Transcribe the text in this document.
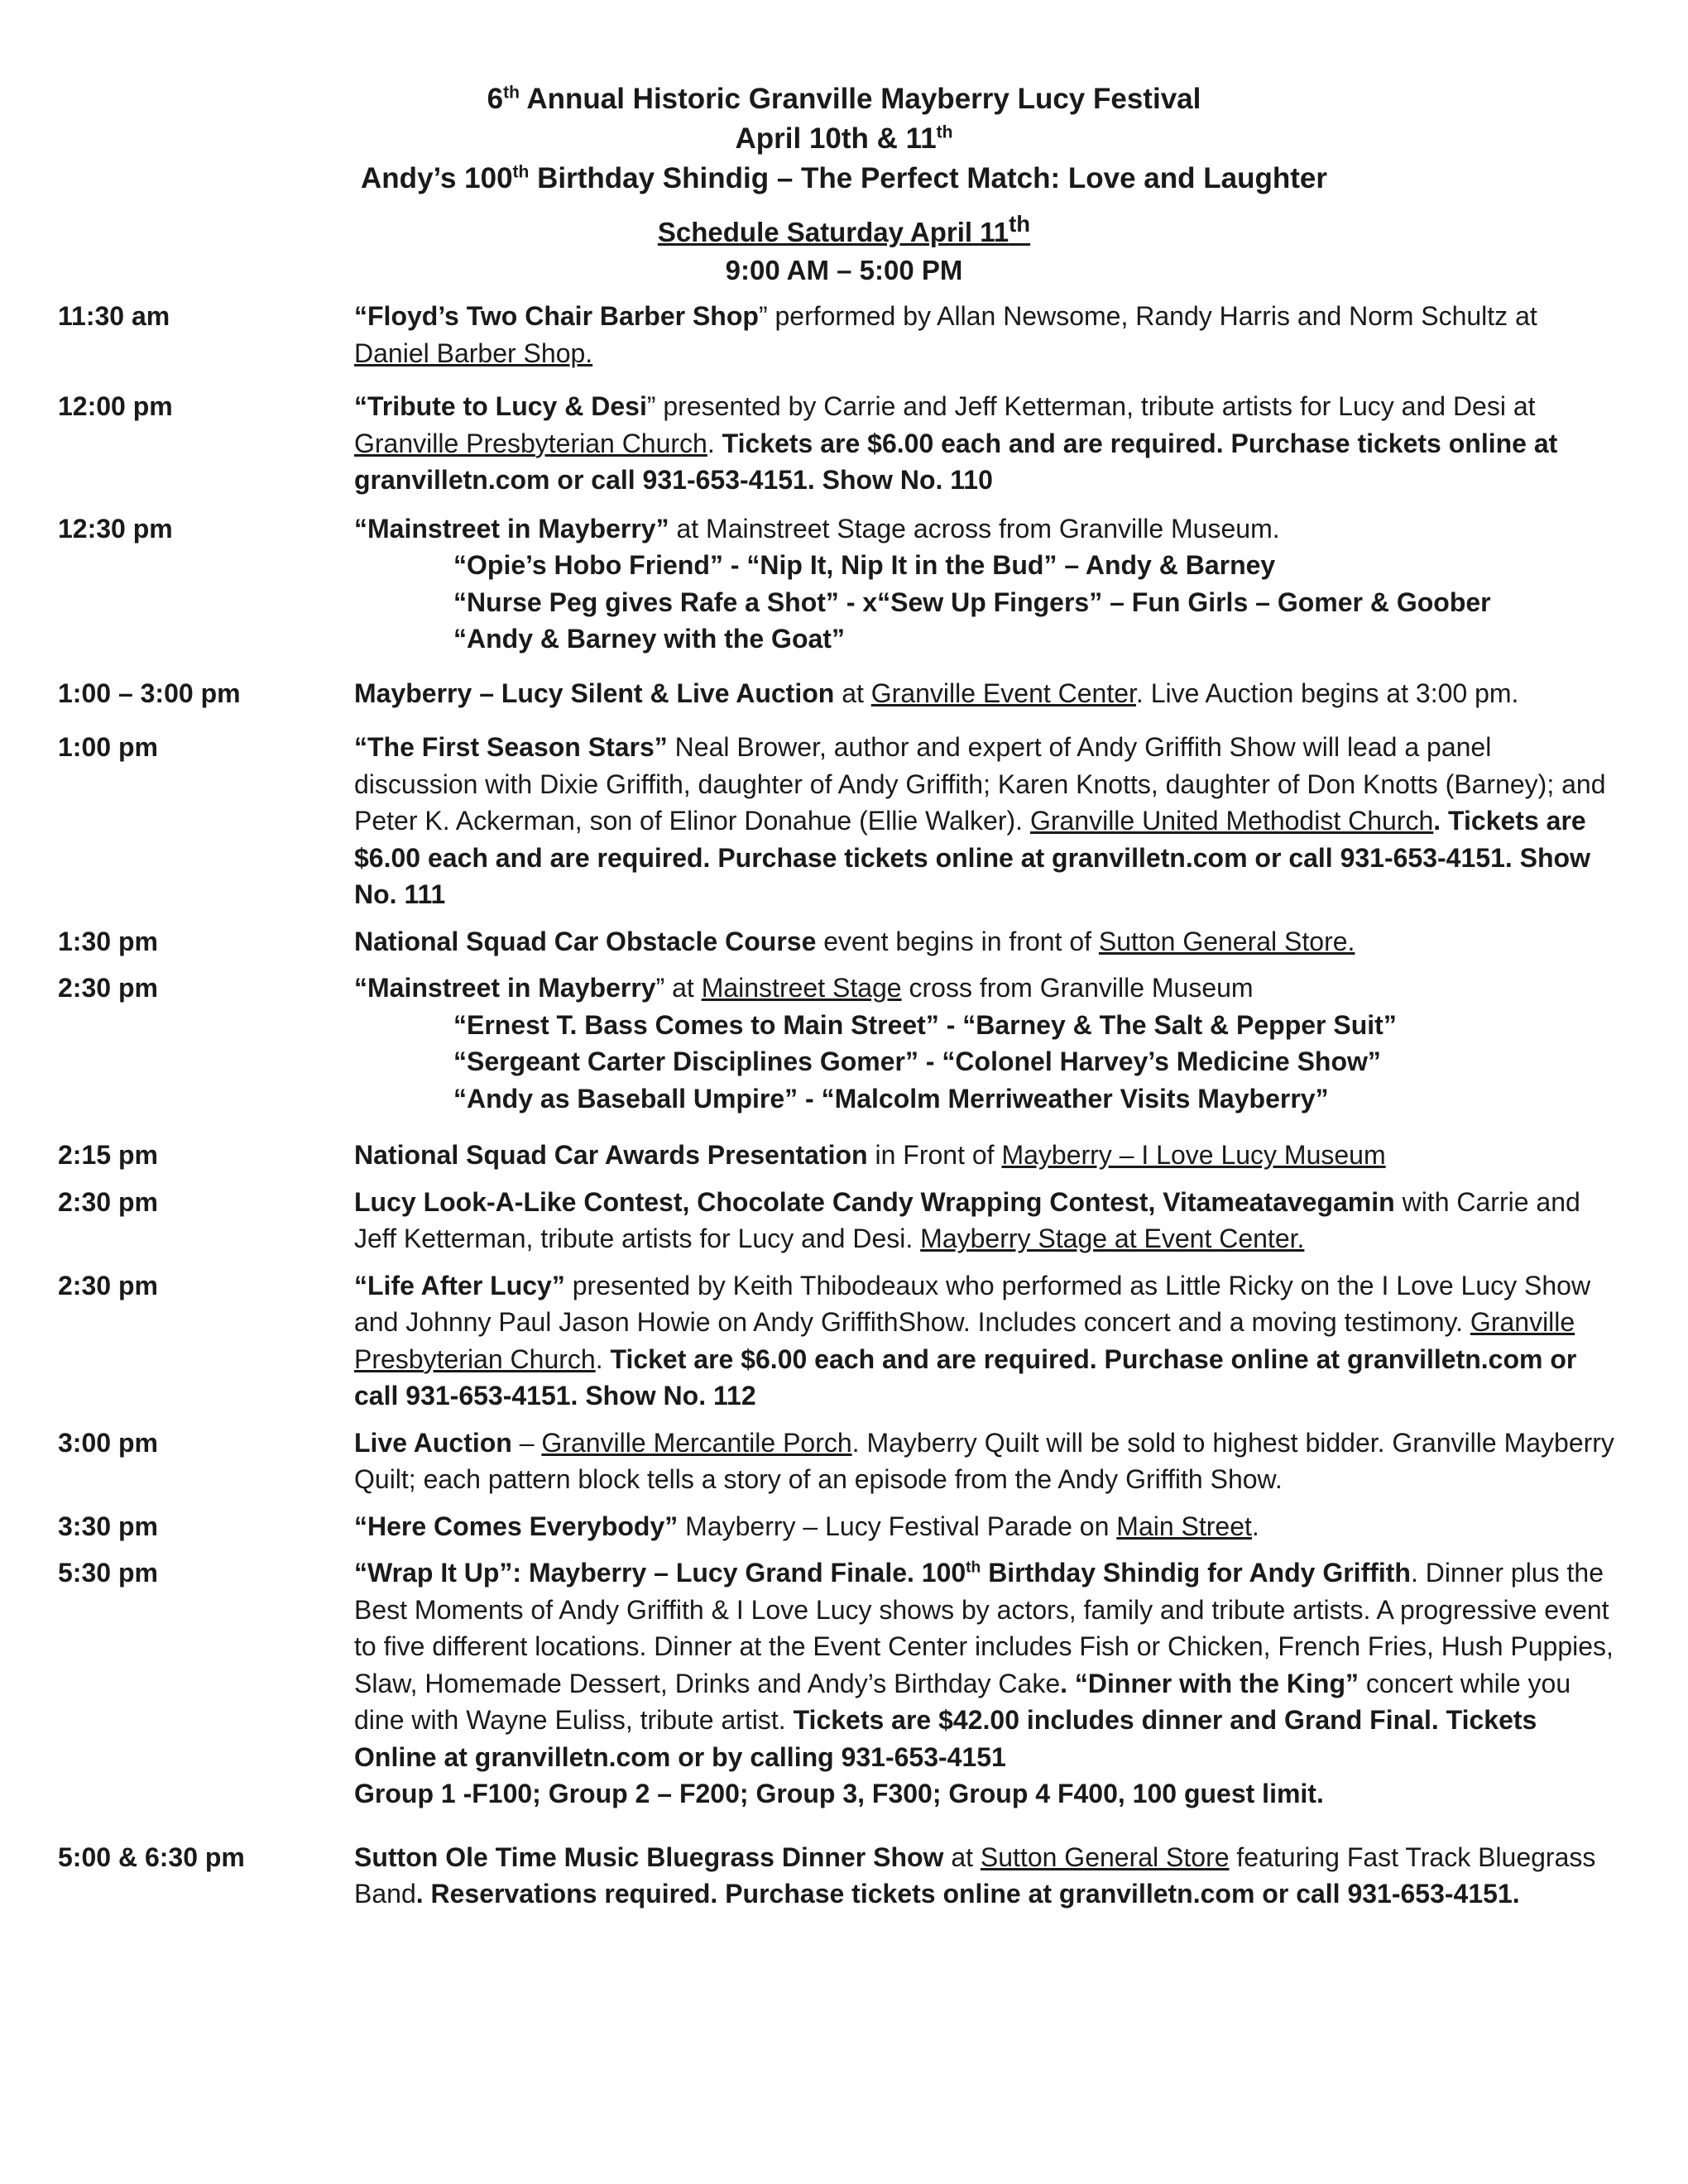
6th Annual Historic Granville Mayberry Lucy Festival
April 10th & 11th
Andy’s 100th Birthday Shindig – The Perfect Match: Love and Laughter
Schedule Saturday April 11th
9:00 AM – 5:00 PM
11:30 am	“Floyd’s Two Chair Barber Shop” performed by Allan Newsome, Randy Harris and Norm Schultz at Daniel Barber Shop.
12:00 pm	“Tribute to Lucy & Desi” presented by Carrie and Jeff Ketterman, tribute artists for Lucy and Desi at Granville Presbyterian Church. Tickets are $6.00 each and are required. Purchase tickets online at granvilletn.com or call 931-653-4151. Show No. 110
12:30 pm	“Mainstreet in Mayberry” at Mainstreet Stage across from Granville Museum.
“Opie’s Hobo Friend” - “Nip It, Nip It in the Bud” – Andy & Barney
“Nurse Peg gives Rafe a Shot” - x“Sew Up Fingers” – Fun Girls – Gomer & Goober
“Andy & Barney with the Goat”
1:00 – 3:00 pm	Mayberry – Lucy Silent & Live Auction at Granville Event Center. Live Auction begins at 3:00 pm.
1:00 pm	“The First Season Stars” Neal Brower, author and expert of Andy Griffith Show will lead a panel discussion with Dixie Griffith, daughter of Andy Griffith; Karen Knotts, daughter of Don Knotts (Barney); and Peter K. Ackerman, son of Elinor Donahue (Ellie Walker). Granville United Methodist Church. Tickets are $6.00 each and are required. Purchase tickets online at granvilletn.com or call 931-653-4151. Show No. 111
1:30 pm	National Squad Car Obstacle Course event begins in front of Sutton General Store.
2:30 pm	“Mainstreet in Mayberry” at Mainstreet Stage cross from Granville Museum
“Ernest T. Bass Comes to Main Street” - “Barney & The Salt & Pepper Suit”
“Sergeant Carter Disciplines Gomer” - “Colonel Harvey’s Medicine Show”
“Andy as Baseball Umpire” - “Malcolm Merriweather Visits Mayberry”
2:15 pm	National Squad Car Awards Presentation in Front of Mayberry – I Love Lucy Museum
2:30 pm	Lucy Look-A-Like Contest, Chocolate Candy Wrapping Contest, Vitameatavegamin with Carrie and Jeff Ketterman, tribute artists for Lucy and Desi. Mayberry Stage at Event Center.
2:30 pm	“Life After Lucy” presented by Keith Thibodeaux who performed as Little Ricky on the I Love Lucy Show and Johnny Paul Jason Howie on Andy GriffithShow. Includes concert and a moving testimony. Granville Presbyterian Church. Ticket are $6.00 each and are required. Purchase online at granvilletn.com or call 931-653-4151. Show No. 112
3:00 pm	Live Auction – Granville Mercantile Porch. Mayberry Quilt will be sold to highest bidder. Granville Mayberry Quilt; each pattern block tells a story of an episode from the Andy Griffith Show.
3:30 pm	“Here Comes Everybody” Mayberry – Lucy Festival Parade on Main Street.
5:30 pm	“Wrap It Up”: Mayberry – Lucy Grand Finale. 100th Birthday Shindig for Andy Griffith. Dinner plus the Best Moments of Andy Griffith & I Love Lucy shows by actors, family and tribute artists. A progressive event to five different locations. Dinner at the Event Center includes Fish or Chicken, French Fries, Hush Puppies, Slaw, Homemade Dessert, Drinks and Andy’s Birthday Cake. “Dinner with the King” concert while you dine with Wayne Euliss, tribute artist. Tickets are $42.00 includes dinner and Grand Final. Tickets Online at granvilletn.com or by calling 931-653-4151
Group 1 -F100; Group 2 – F200; Group 3, F300; Group 4 F400, 100 guest limit.
5:00 & 6:30 pm	Sutton Ole Time Music Bluegrass Dinner Show at Sutton General Store featuring Fast Track Bluegrass Band. Reservations required. Purchase tickets online at granvilletn.com or call 931-653-4151.
